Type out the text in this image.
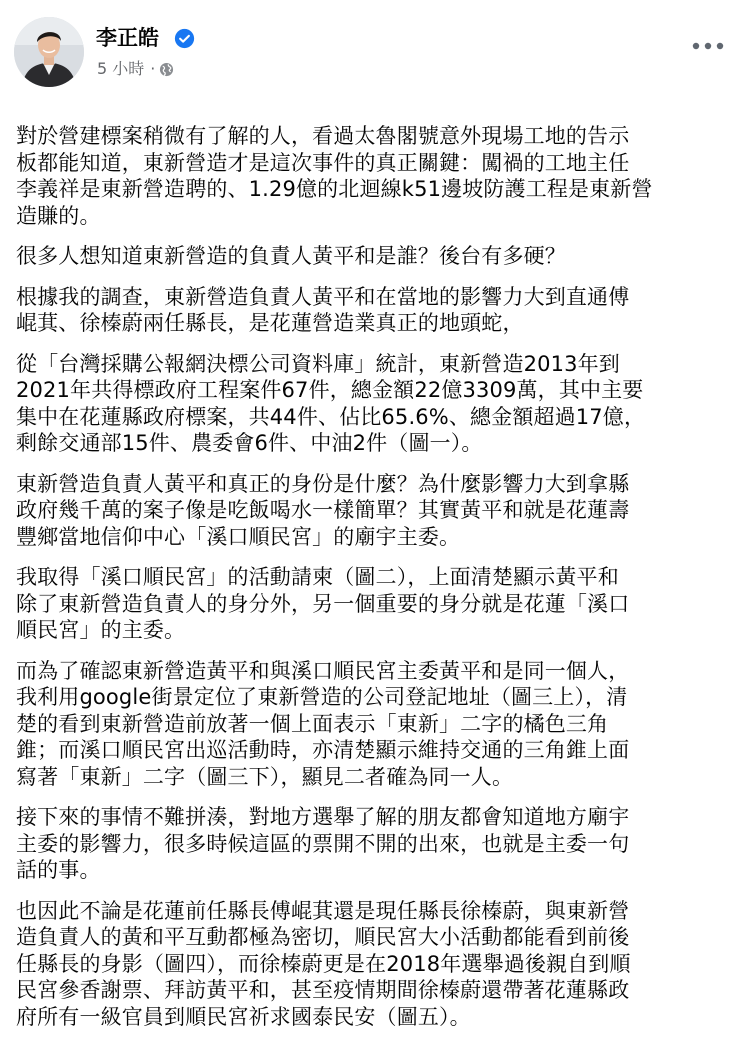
李正皓
5 小時 ·

對於營建標案稍微有了解的人，看過太魯閣號意外現場工地的告示
板都能知道，東新營造才是這次事件的真正關鍵：闖禍的工地主任
李義祥是東新營造聘的、1.29億的北迴線k51邊坡防護工程是東新營
造賺的。

很多人想知道東新營造的負責人黃平和是誰？後台有多硬？

根據我的調查，東新營造負責人黃平和在當地的影響力大到直通傅
崐萁、徐榛蔚兩任縣長，是花蓮營造業真正的地頭蛇，

從「台灣採購公報網決標公司資料庫」統計，東新營造2013年到
2021年共得標政府工程案件67件，總金額22億3309萬，其中主要
集中在花蓮縣政府標案，共44件、佔比65.6%、總金額超過17億，
剩餘交通部15件、農委會6件、中油2件（圖一）。

東新營造負責人黃平和真正的身份是什麼？為什麼影響力大到拿縣
政府幾千萬的案子像是吃飯喝水一樣簡單？其實黃平和就是花蓮壽
豐鄉當地信仰中心「溪口順民宮」的廟宇主委。

我取得「溪口順民宮」的活動請柬（圖二），上面清楚顯示黃平和
除了東新營造負責人的身分外，另一個重要的身分就是花蓮「溪口
順民宮」的主委。

而為了確認東新營造黃平和與溪口順民宮主委黃平和是同一個人，
我利用google街景定位了東新營造的公司登記地址（圖三上），清
楚的看到東新營造前放著一個上面表示「東新」二字的橘色三角
錐；而溪口順民宮出巡活動時，亦清楚顯示維持交通的三角錐上面
寫著「東新」二字（圖三下），顯見二者確為同一人。

接下來的事情不難拼湊，對地方選舉了解的朋友都會知道地方廟宇
主委的影響力，很多時候這區的票開不開的出來，也就是主委一句
話的事。

也因此不論是花蓮前任縣長傅崐萁還是現任縣長徐榛蔚，與東新營
造負責人的黃和平互動都極為密切，順民宮大小活動都能看到前後
任縣長的身影（圖四），而徐榛蔚更是在2018年選舉過後親自到順
民宮參香謝票、拜訪黃平和，甚至疫情期間徐榛蔚還帶著花蓮縣政
府所有一級官員到順民宮祈求國泰民安（圖五）。
